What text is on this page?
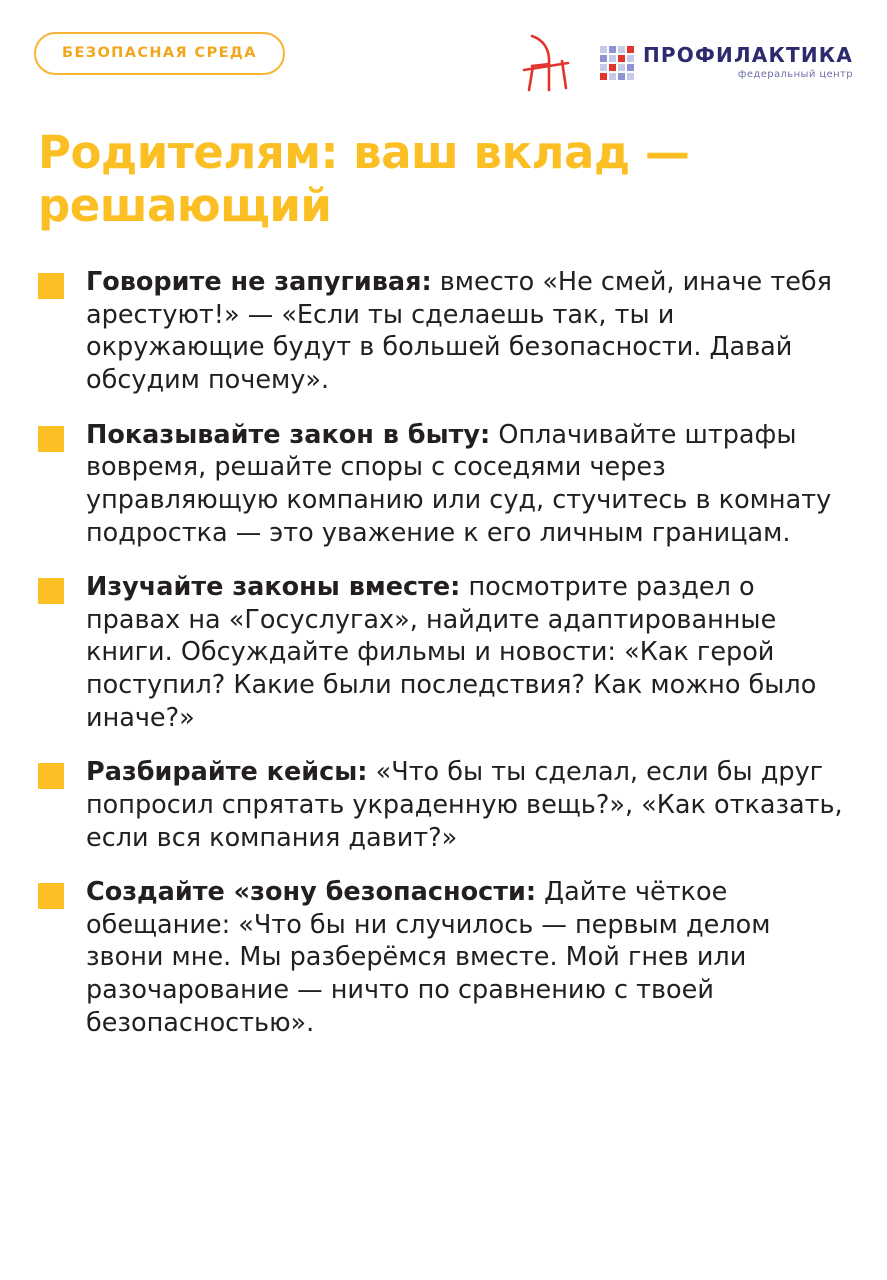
БЕЗОПАСНАЯ СРЕДА	ПРОФИЛАКТИКА
федеральный центр
Родителям: ваш вклад — решающий
Говорите не запугивая: вместо «Не смей, иначе тебя арестуют!» — «Если ты сделаешь так, ты и окружающие будут в большей безопасности. Давай обсудим почему».
Показывайте закон в быту: Оплачивайте штрафы вовремя, решайте споры с соседями через управляющую компанию или суд, стучитесь в комнату подростка — это уважение к его личным границам.
Изучайте законы вместе: посмотрите раздел о правах на «Госуслугах», найдите адаптированные книги. Обсуждайте фильмы и новости: «Как герой поступил? Какие были последствия? Как можно было иначе?»
Разбирайте кейсы: «Что бы ты сделал, если бы друг попросил спрятать украденную вещь?», «Как отказать, если вся компания давит?»
Создайте «зону безопасности: Дайте чёткое обещание: «Что бы ни случилось — первым делом звони мне. Мы разберёмся вместе. Мой гнев или разочарование — ничто по сравнению с твоей безопасностью».
